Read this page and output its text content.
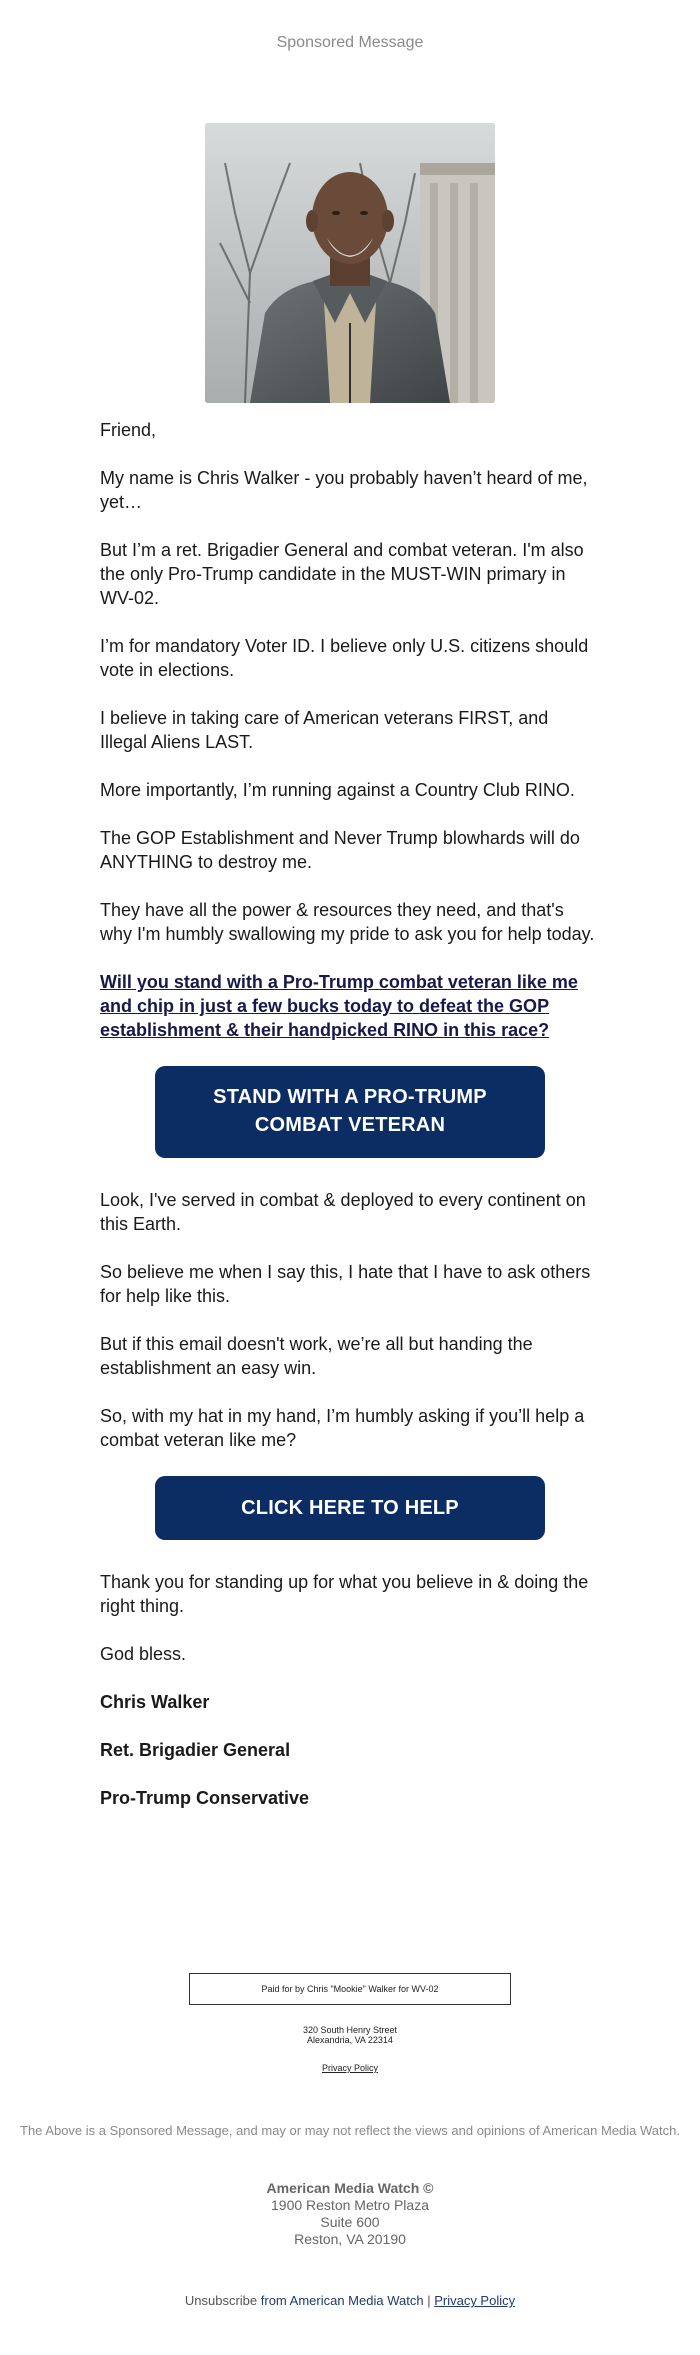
Sponsored Message

Friend,

My name is Chris Walker - you probably haven’t heard of me, yet…

But I’m a ret. Brigadier General and combat veteran. I'm also the only Pro-Trump candidate in the MUST-WIN primary in WV-02.

I’m for mandatory Voter ID. I believe only U.S. citizens should vote in elections.

I believe in taking care of American veterans FIRST, and Illegal Aliens LAST.

More importantly, I’m running against a Country Club RINO.

The GOP Establishment and Never Trump blowhards will do ANYTHING to destroy me.

They have all the power & resources they need, and that's why I'm humbly swallowing my pride to ask you for help today.

Will you stand with a Pro-Trump combat veteran like me and chip in just a few bucks today to defeat the GOP establishment & their handpicked RINO in this race?

STAND WITH A PRO-TRUMP
COMBAT VETERAN

Look, I've served in combat & deployed to every continent on this Earth.

So believe me when I say this, I hate that I have to ask others for help like this.

But if this email doesn't work, we’re all but handing the establishment an easy win.

So, with my hat in my hand, I’m humbly asking if you’ll help a combat veteran like me?

CLICK HERE TO HELP

Thank you for standing up for what you believe in & doing the right thing.

God bless.

Chris Walker

Ret. Brigadier General

Pro-Trump Conservative

Paid for by Chris "Mookie" Walker for WV-02
320 South Henry Street
Alexandria, VA 22314
Privacy Policy
The Above is a Sponsored Message, and may or may not reflect the views and opinions of American Media Watch.
American Media Watch ©
1900 Reston Metro Plaza
Suite 600
Reston, VA 20190
Unsubscribe from American Media Watch | Privacy Policy
